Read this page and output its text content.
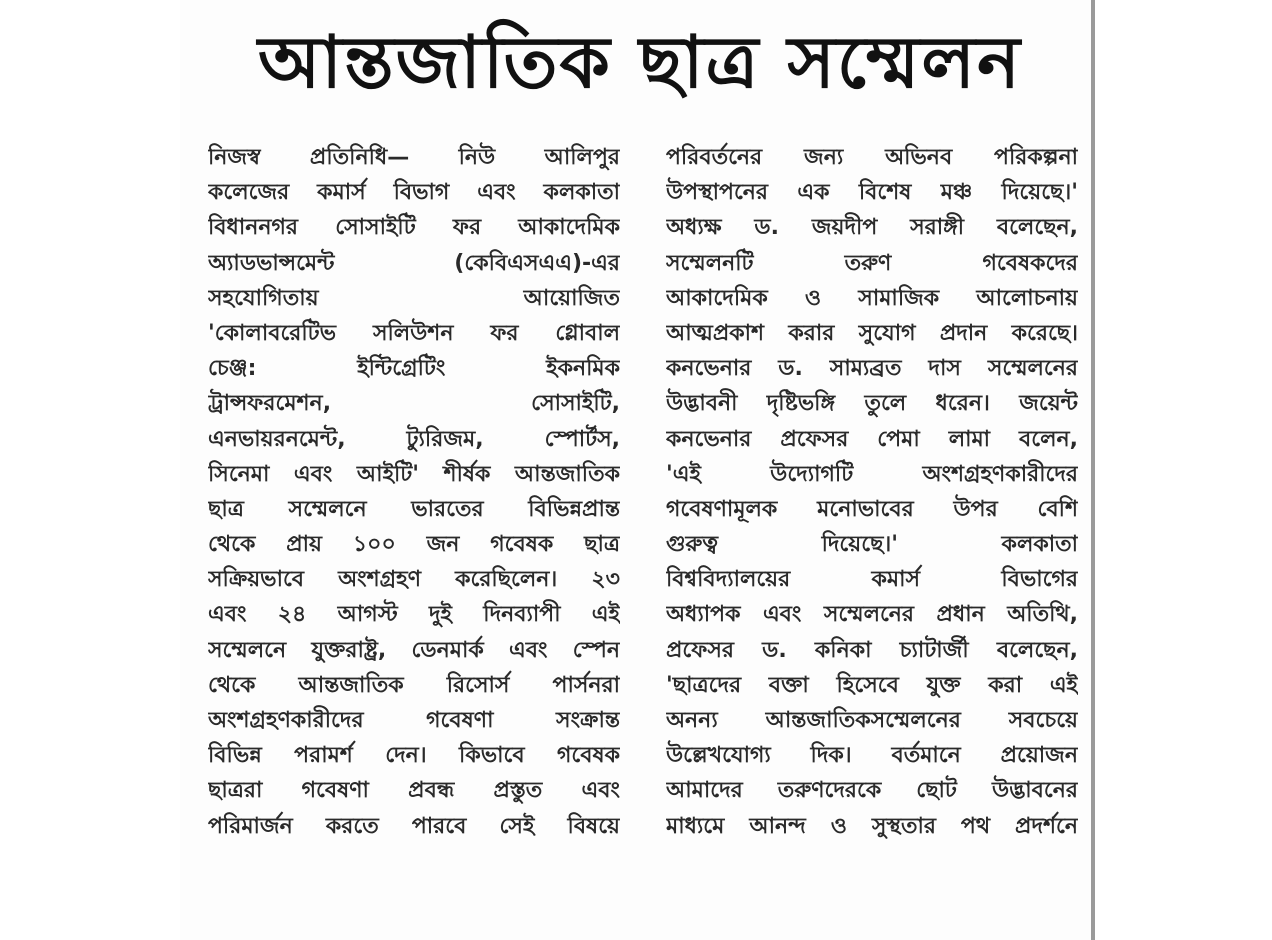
আন্তজাতিক ছাত্র সম্মেলন
নিজস্ব প্রতিনিধি— নিউ আলিপুর
কলেজের কমার্স বিভাগ এবং কলকাতা
বিধাননগর সোসাইটি ফর আকাদেমিক
অ্যাডভান্সমেন্ট (কেবিএসএএ)-এর
সহযোগিতায় আয়োজিত
'কোলাবরেটিভ সলিউশন ফর গ্লোবাল
চেঞ্জ: ইন্টিগ্রেটিং ইকনমিক
ট্রান্সফরমেশন, সোসাইটি,
এনভায়রনমেন্ট, ট্যুরিজম, স্পোর্টস,
সিনেমা এবং আইটি' শীর্ষক আন্তজাতিক
ছাত্র সম্মেলনে ভারতের বিভিন্নপ্রান্ত
থেকে প্রায় ১০০ জন গবেষক ছাত্র
সক্রিয়ভাবে অংশগ্রহণ করেছিলেন। ২৩
এবং ২৪ আগস্ট দুই দিনব্যাপী এই
সম্মেলনে যুক্তরাষ্ট্র, ডেনমার্ক এবং স্পেন
থেকে আন্তজাতিক রিসোর্স পার্সনরা
অংশগ্রহণকারীদের গবেষণা সংক্রান্ত
বিভিন্ন পরামর্শ দেন। কিভাবে গবেষক
ছাত্ররা গবেষণা প্রবন্ধ প্রস্তুত এবং
পরিমার্জন করতে পারবে সেই বিষয়ে
পরিবর্তনের জন্য অভিনব পরিকল্পনা
উপস্থাপনের এক বিশেষ মঞ্চ দিয়েছে।'
অধ্যক্ষ ড. জয়দীপ সরাঙ্গী বলেছেন,
সম্মেলনটি তরুণ গবেষকদের
আকাদেমিক ও সামাজিক আলোচনায়
আত্মপ্রকাশ করার সুযোগ প্রদান করেছে।
কনভেনার ড. সাম্যব্রত দাস সম্মেলনের
উদ্ভাবনী দৃষ্টিভঙ্গি তুলে ধরেন। জয়েন্ট
কনভেনার প্রফেসর পেমা লামা বলেন,
'এই উদ্যোগটি অংশগ্রহণকারীদের
গবেষণামূলক মনোভাবের উপর বেশি
গুরুত্ব দিয়েছে।' কলকাতা
বিশ্ববিদ্যালয়ের কমার্স বিভাগের
অধ্যাপক এবং সম্মেলনের প্রধান অতিথি,
প্রফেসর ড. কনিকা চ্যাটার্জী বলেছেন,
'ছাত্রদের বক্তা হিসেবে যুক্ত করা এই
অনন্য আন্তজাতিকসম্মেলনের সবচেয়ে
উল্লেখযোগ্য দিক। বর্তমানে প্রয়োজন
আমাদের তরুণদেরকে ছোট উদ্ভাবনের
মাধ্যমে আনন্দ ও সুস্থতার পথ প্রদর্শনে
